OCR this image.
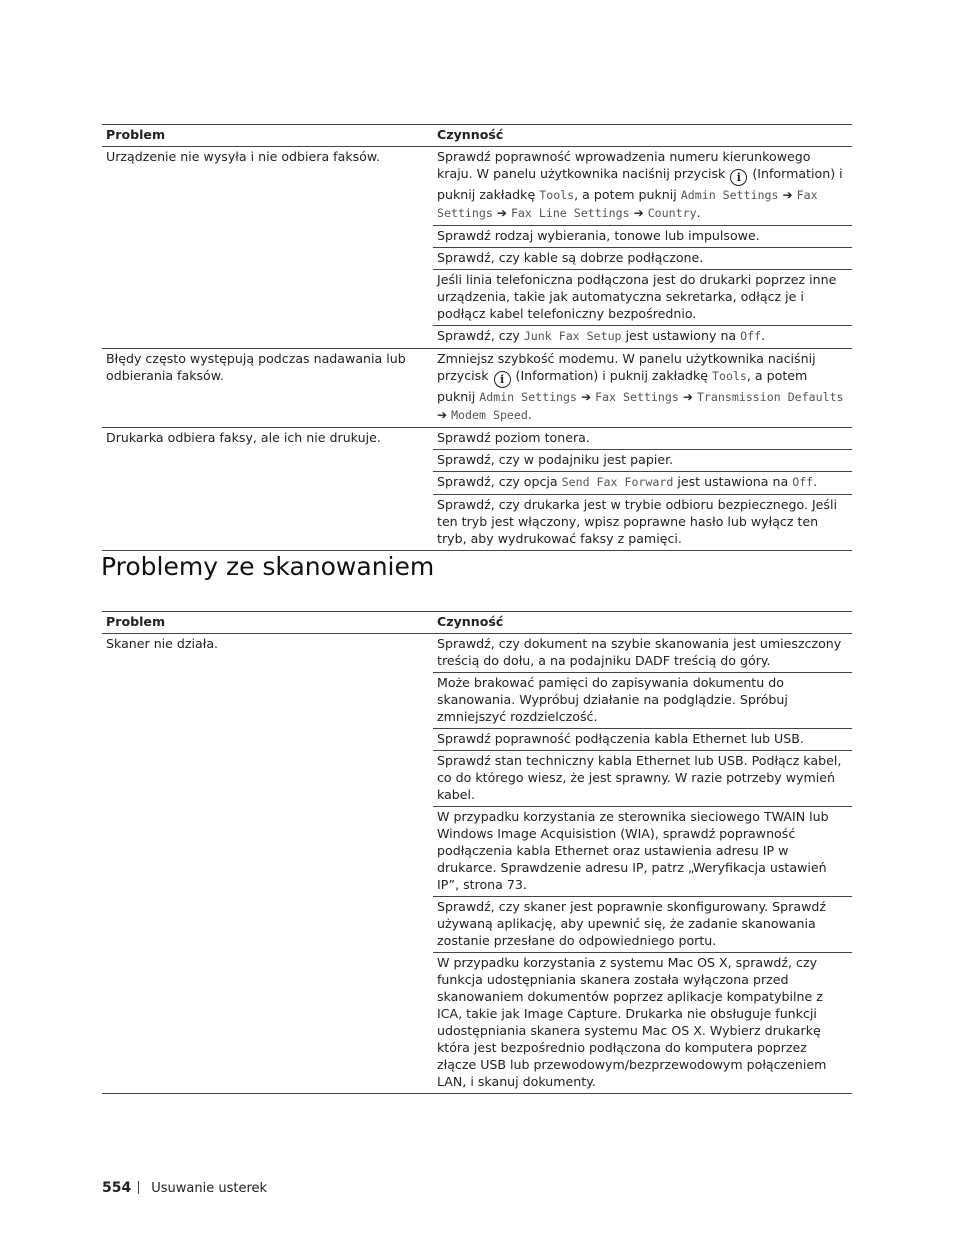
Problem	Czynność
Urządzenie nie wysyła i nie odbiera faksów.	Sprawdź poprawność wprowadzenia numeru kierunkowego kraju. W panelu użytkownika naciśnij przycisk i (Information) i puknij zakładkę Tools, a potem puknij Admin Settings ➔ Fax Settings ➔ Fax Line Settings ➔ Country.
	Sprawdź rodzaj wybierania, tonowe lub impulsowe.
	Sprawdź, czy kable są dobrze podłączone.
	Jeśli linia telefoniczna podłączona jest do drukarki poprzez inne urządzenia, takie jak automatyczna sekretarka, odłącz je i podłącz kabel telefoniczny bezpośrednio.
	Sprawdź, czy Junk Fax Setup jest ustawiony na Off.
Błędy często występują podczas nadawania lub odbierania faksów.	Zmniejsz szybkość modemu. W panelu użytkownika naciśnij przycisk i (Information) i puknij zakładkę Tools, a potem puknij Admin Settings ➔ Fax Settings ➔ Transmission Defaults ➔ Modem Speed.
Drukarka odbiera faksy, ale ich nie drukuje.	Sprawdź poziom tonera.
	Sprawdź, czy w podajniku jest papier.
	Sprawdź, czy opcja Send Fax Forward jest ustawiona na Off.
	Sprawdź, czy drukarka jest w trybie odbioru bezpiecznego. Jeśli ten tryb jest włączony, wpisz poprawne hasło lub wyłącz ten tryb, aby wydrukować faksy z pamięci.
Problemy ze skanowaniem
Problem	Czynność
Skaner nie działa.	Sprawdź, czy dokument na szybie skanowania jest umieszczony treścią do dołu, a na podajniku DADF treścią do góry.
	Może brakować pamięci do zapisywania dokumentu do skanowania. Wypróbuj działanie na podglądzie. Spróbuj zmniejszyć rozdzielczość.
	Sprawdź poprawność podłączenia kabla Ethernet lub USB.
	Sprawdź stan techniczny kabla Ethernet lub USB. Podłącz kabel, co do którego wiesz, że jest sprawny. W razie potrzeby wymień kabel.
	W przypadku korzystania ze sterownika sieciowego TWAIN lub Windows Image Acquisistion (WIA), sprawdź poprawność podłączenia kabla Ethernet oraz ustawienia adresu IP w drukarce. Sprawdzenie adresu IP, patrz „Weryfikacja ustawień IP”, strona 73.
	Sprawdź, czy skaner jest poprawnie skonfigurowany. Sprawdź używaną aplikację, aby upewnić się, że zadanie skanowania zostanie przesłane do odpowiedniego portu.
	W przypadku korzystania z systemu Mac OS X, sprawdź, czy funkcja udostępniania skanera została wyłączona przed skanowaniem dokumentów poprzez aplikacje kompatybilne z ICA, takie jak Image Capture. Drukarka nie obsługuje funkcji udostępniania skanera systemu Mac OS X. Wybierz drukarkę która jest bezpośrednio podłączona do komputera poprzez złącze USB lub przewodowym/bezprzewodowym połączeniem LAN, i skanuj dokumenty.
554 Usuwanie usterek
